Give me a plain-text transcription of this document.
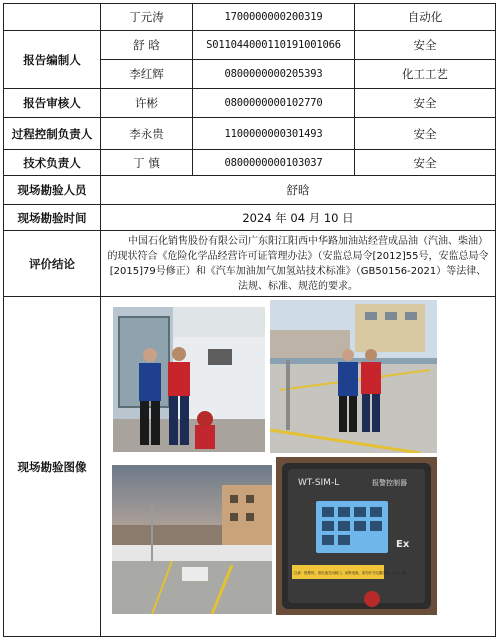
	丁元涛	1700000000200319	自动化
报告编制人	舒 晗	S011044000110191001066	安全
	李红辉	0800000000205393	化工工艺
报告审核人	许彬	0800000000102770	安全
过程控制负责人	李永贵	1100000000301493	安全
技术负责人	丁 慎	0800000000103037	安全
现场勘验人员	舒晗		
现场勘验时间	2024 年 04 月 10 日		
评价结论	中国石化销售股份有限公司广东阳江阳西中华路加油站经营成品油（汽油、柴油）的现状符合《危险化学品经营许可证管理办法》（安监总局令[2012]55号，安监总局令[2015]79号修正）和《汽车加油加气加氢站技术标准》（GB50156-2021）等法律、法规、标准、规范的要求。		
现场勘验图像	WT-SIM-L 报警控制器
Ex
注意：报警时，请迅速关闭阀门，切断电源，请勿开关电器设备，打开门窗！		
